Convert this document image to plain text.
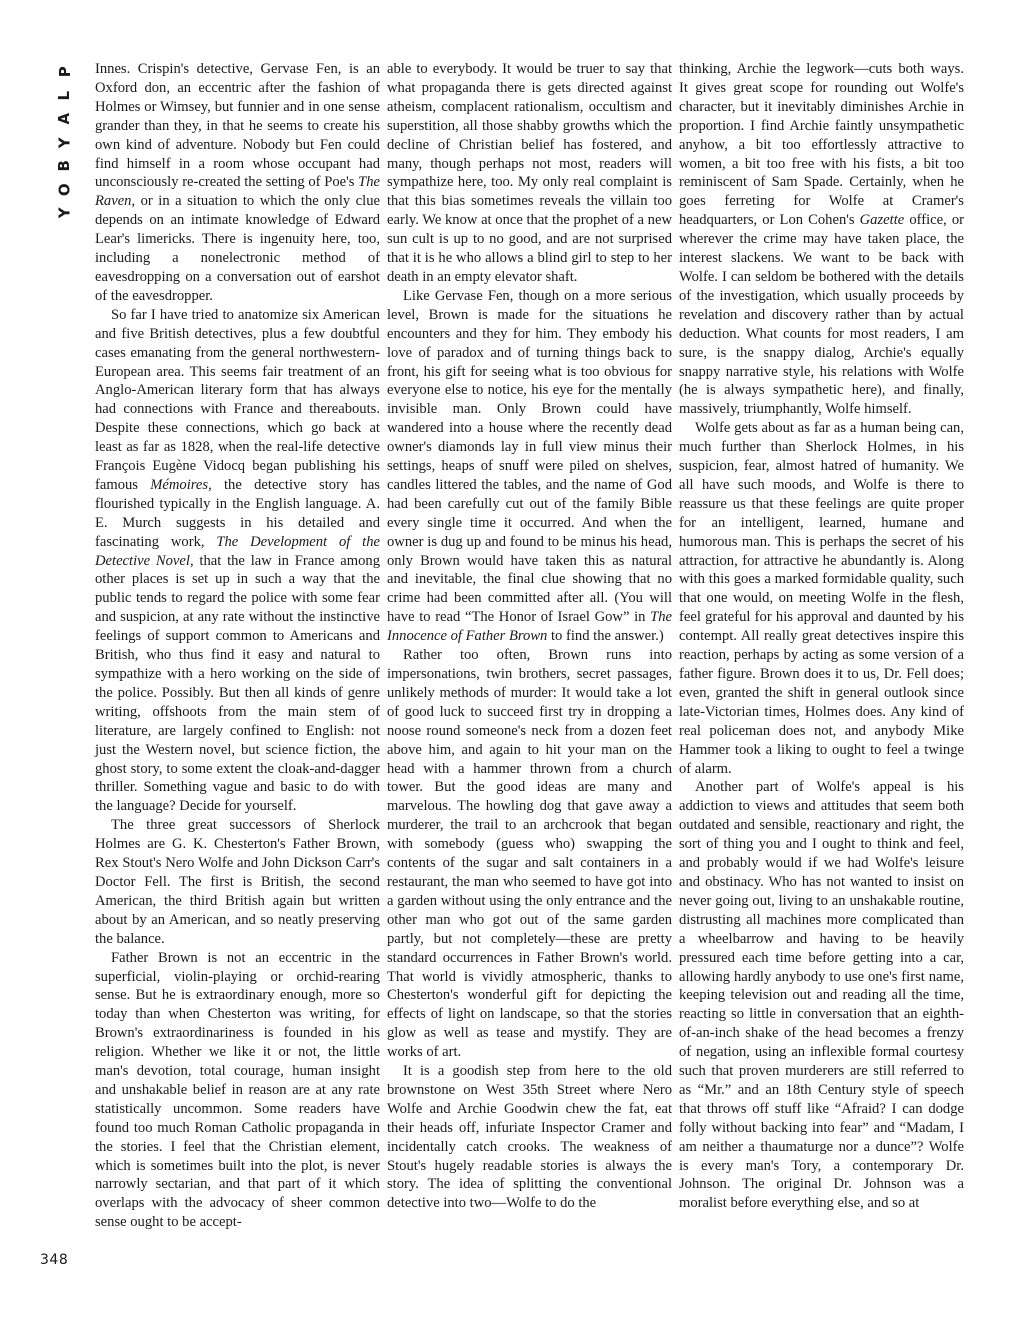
P
L
A
Y
B
O
Y
348

Innes. Crispin's detective, Gervase Fen, is an Oxford don, an eccentric after the fashion of Holmes or Wimsey, but funnier and in one sense grander than they, in that he seems to create his own kind of adventure. Nobody but Fen could find himself in a room whose occupant had unconsciously re-created the setting of Poe's The Raven, or in a situation to which the only clue depends on an intimate knowledge of Edward Lear's limericks. There is ingenuity here, too, including a nonelectronic method of eavesdropping on a conversation out of earshot of the eavesdropper.

So far I have tried to anatomize six American and five British detectives, plus a few doubtful cases emanating from the general northwestern-European area. This seems fair treatment of an Anglo-American literary form that has always had connections with France and thereabouts. Despite these connections, which go back at least as far as 1828, when the real-life detective François Eugène Vidocq began publishing his famous Mémoires, the detective story has flourished typically in the English language. A. E. Murch suggests in his detailed and fascinating work, The Development of the Detective Novel, that the law in France among other places is set up in such a way that the public tends to regard the police with some fear and suspicion, at any rate without the instinctive feelings of support common to Americans and British, who thus find it easy and natural to sympathize with a hero working on the side of the police. Possibly. But then all kinds of genre writing, offshoots from the main stem of literature, are largely confined to English: not just the Western novel, but science fiction, the ghost story, to some extent the cloak-and-dagger thriller. Something vague and basic to do with the language? Decide for yourself.

The three great successors of Sherlock Holmes are G. K. Chesterton's Father Brown, Rex Stout's Nero Wolfe and John Dickson Carr's Doctor Fell. The first is British, the second American, the third British again but written about by an American, and so neatly preserving the balance.

Father Brown is not an eccentric in the superficial, violin-playing or orchid-rearing sense. But he is extraordinary enough, more so today than when Chesterton was writing, for Brown's extraordinariness is founded in his religion. Whether we like it or not, the little man's devotion, total courage, human insight and unshakable belief in reason are at any rate statistically uncommon. Some readers have found too much Roman Catholic propaganda in the stories. I feel that the Christian element, which is sometimes built into the plot, is never narrowly sectarian, and that part of it which overlaps with the advocacy of sheer common sense ought to be accept-

able to everybody. It would be truer to say that what propaganda there is gets directed against atheism, complacent rationalism, occultism and superstition, all those shabby growths which the decline of Christian belief has fostered, and many, though perhaps not most, readers will sympathize here, too. My only real complaint is that this bias sometimes reveals the villain too early. We know at once that the prophet of a new sun cult is up to no good, and are not surprised that it is he who allows a blind girl to step to her death in an empty elevator shaft.

Like Gervase Fen, though on a more serious level, Brown is made for the situations he encounters and they for him. They embody his love of paradox and of turning things back to front, his gift for seeing what is too obvious for everyone else to notice, his eye for the mentally invisible man. Only Brown could have wandered into a house where the recently dead owner's diamonds lay in full view minus their settings, heaps of snuff were piled on shelves, candles littered the tables, and the name of God had been carefully cut out of the family Bible every single time it occurred. And when the owner is dug up and found to be minus his head, only Brown would have taken this as natural and inevitable, the final clue showing that no crime had been committed after all. (You will have to read “The Honor of Israel Gow” in The Innocence of Father Brown to find the answer.)

Rather too often, Brown runs into impersonations, twin brothers, secret passages, unlikely methods of murder: It would take a lot of good luck to succeed first try in dropping a noose round someone's neck from a dozen feet above him, and again to hit your man on the head with a hammer thrown from a church tower. But the good ideas are many and marvelous. The howling dog that gave away a murderer, the trail to an archcrook that began with somebody (guess who) swapping the contents of the sugar and salt containers in a restaurant, the man who seemed to have got into a garden without using the only entrance and the other man who got out of the same garden partly, but not completely—these are pretty standard occurrences in Father Brown's world. That world is vividly atmospheric, thanks to Chesterton's wonderful gift for depicting the effects of light on landscape, so that the stories glow as well as tease and mystify. They are works of art.

It is a goodish step from here to the old brownstone on West 35th Street where Nero Wolfe and Archie Goodwin chew the fat, eat their heads off, infuriate Inspector Cramer and incidentally catch crooks. The weakness of Stout's hugely readable stories is always the story. The idea of splitting the conventional detective into two—Wolfe to do the

thinking, Archie the legwork—cuts both ways. It gives great scope for rounding out Wolfe's character, but it inevitably diminishes Archie in proportion. I find Archie faintly unsympathetic anyhow, a bit too effortlessly attractive to women, a bit too free with his fists, a bit too reminiscent of Sam Spade. Certainly, when he goes ferreting for Wolfe at Cramer's headquarters, or Lon Cohen's Gazette office, or wherever the crime may have taken place, the interest slackens. We want to be back with Wolfe. I can seldom be bothered with the details of the investigation, which usually proceeds by revelation and discovery rather than by actual deduction. What counts for most readers, I am sure, is the snappy dialog, Archie's equally snappy narrative style, his relations with Wolfe (he is always sympathetic here), and finally, massively, triumphantly, Wolfe himself.

Wolfe gets about as far as a human being can, much further than Sherlock Holmes, in his suspicion, fear, almost hatred of humanity. We all have such moods, and Wolfe is there to reassure us that these feelings are quite proper for an intelligent, learned, humane and humorous man. This is perhaps the secret of his attraction, for attractive he abundantly is. Along with this goes a marked formidable quality, such that one would, on meeting Wolfe in the flesh, feel grateful for his approval and daunted by his contempt. All really great detectives inspire this reaction, perhaps by acting as some version of a father figure. Brown does it to us, Dr. Fell does; even, granted the shift in general outlook since late-Victorian times, Holmes does. Any kind of real policeman does not, and anybody Mike Hammer took a liking to ought to feel a twinge of alarm.

Another part of Wolfe's appeal is his addiction to views and attitudes that seem both outdated and sensible, reactionary and right, the sort of thing you and I ought to think and feel, and probably would if we had Wolfe's leisure and obstinacy. Who has not wanted to insist on never going out, living to an unshakable routine, distrusting all machines more complicated than a wheelbarrow and having to be heavily pressured each time before getting into a car, allowing hardly anybody to use one's first name, keeping television out and reading all the time, reacting so little in conversation that an eighth-of-an-inch shake of the head becomes a frenzy of negation, using an inflexible formal courtesy such that proven murderers are still referred to as “Mr.” and an 18th Century style of speech that throws off stuff like “Afraid? I can dodge folly without backing into fear” and “Madam, I am neither a thaumaturge nor a dunce”? Wolfe is every man's Tory, a contemporary Dr. Johnson. The original Dr. Johnson was a moralist before everything else, and so at
